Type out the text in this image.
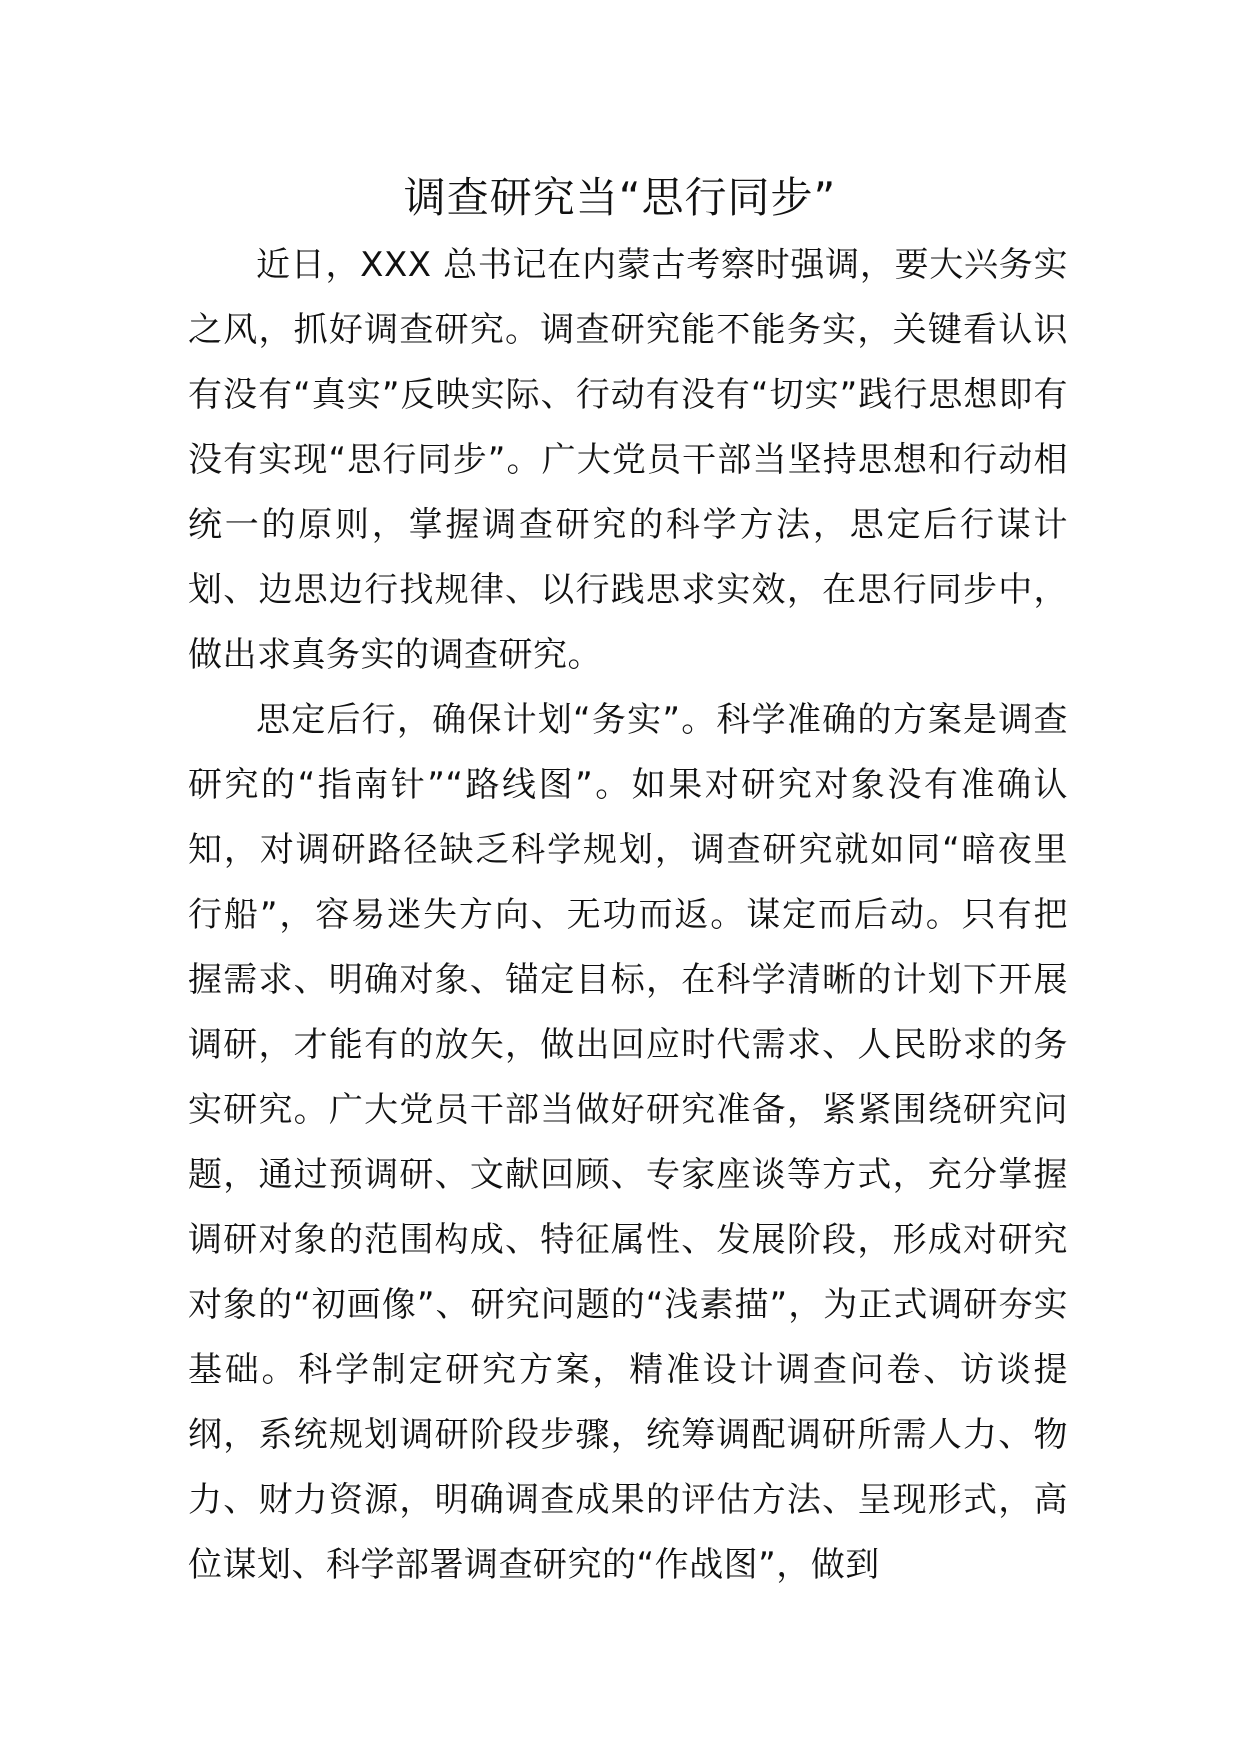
调查研究当“思行同步”

近日，XXX 总书记在内蒙古考察时强调，要大兴务实之风，抓好调查研究。调查研究能不能务实，关键看认识有没有“真实”反映实际、行动有没有“切实”践行思想即有没有实现“思行同步”。广大党员干部当坚持思想和行动相统一的原则，掌握调查研究的科学方法，思定后行谋计划、边思边行找规律、以行践思求实效，在思行同步中，做出求真务实的调查研究。

思定后行，确保计划“务实”。科学准确的方案是调查研究的“指南针”“路线图”。如果对研究对象没有准确认知，对调研路径缺乏科学规划，调查研究就如同“暗夜里行船”，容易迷失方向、无功而返。谋定而后动。只有把握需求、明确对象、锚定目标，在科学清晰的计划下开展调研，才能有的放矢，做出回应时代需求、人民盼求的务实研究。广大党员干部当做好研究准备，紧紧围绕研究问题，通过预调研、文献回顾、专家座谈等方式，充分掌握调研对象的范围构成、特征属性、发展阶段，形成对研究对象的“初画像”、研究问题的“浅素描”，为正式调研夯实基础。科学制定研究方案，精准设计调查问卷、访谈提纲，系统规划调研阶段步骤，统筹调配调研所需人力、物力、财力资源，明确调查成果的评估方法、呈现形式，高位谋划、科学部署调查研究的“作战图”，做到
